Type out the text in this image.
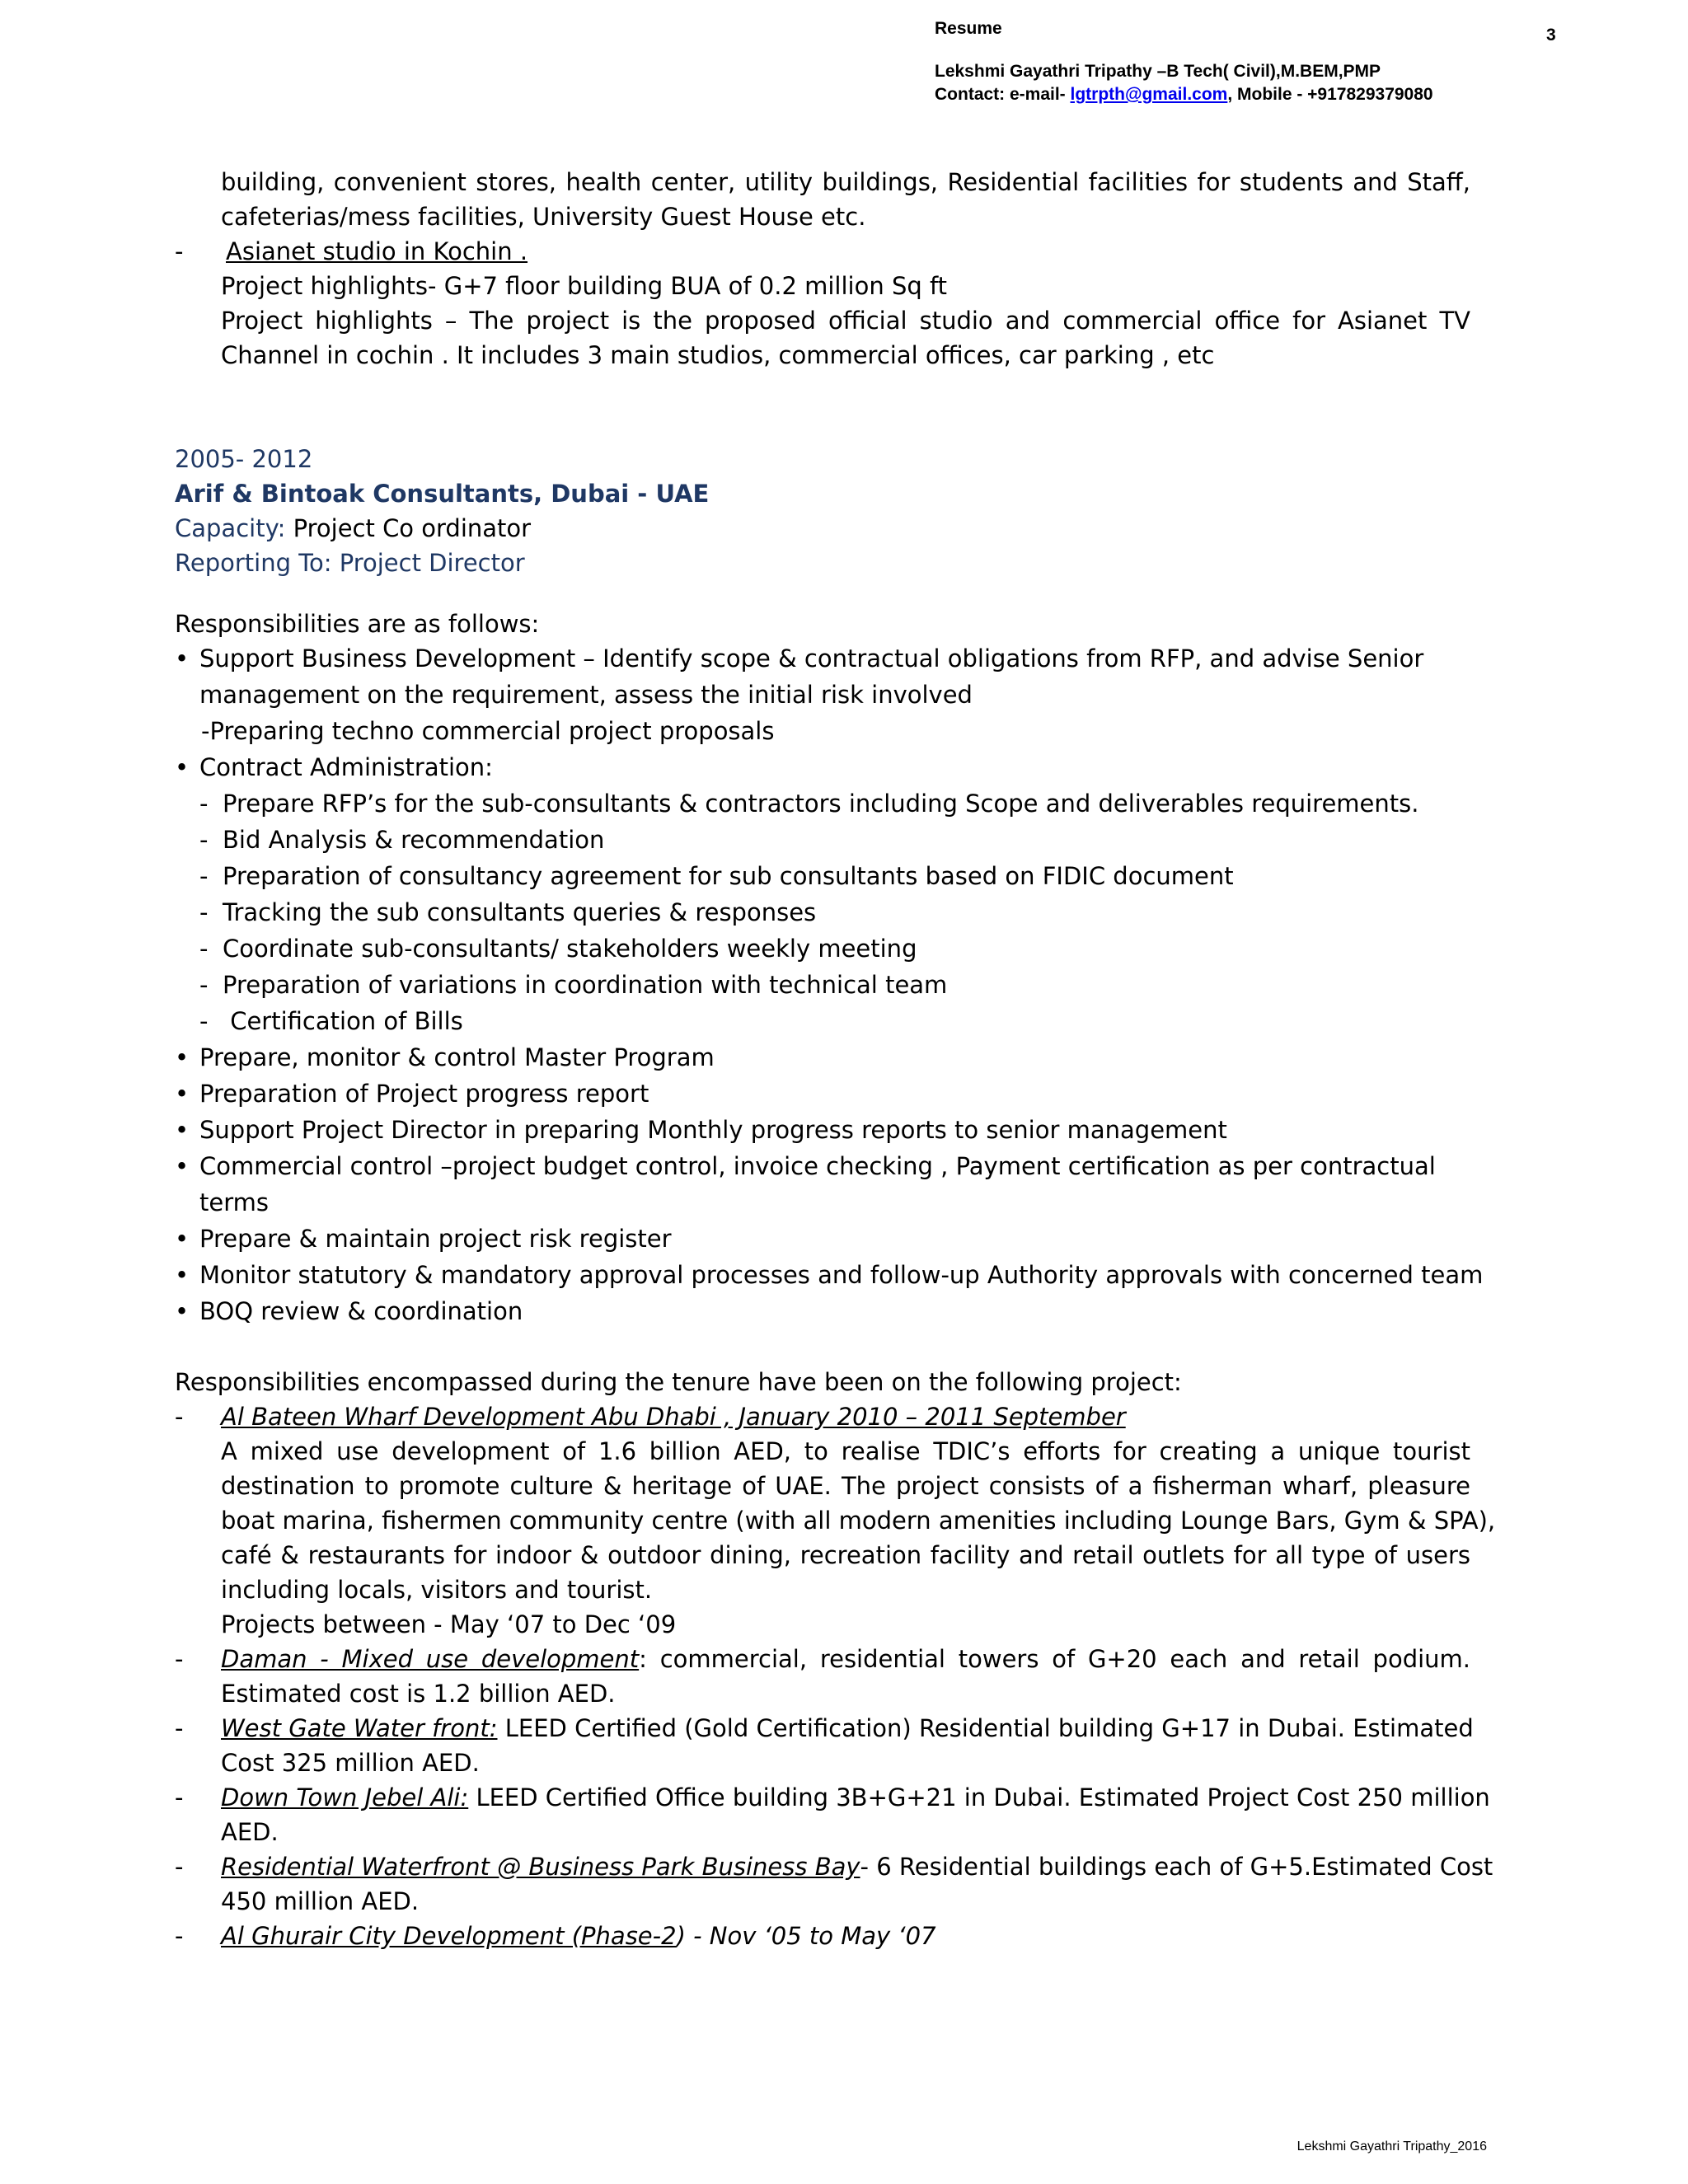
Resume	3
Lekshmi Gayathri Tripathy –B Tech( Civil),M.BEM,PMP
Contact: e-mail- lgtrpth@gmail.com, Mobile - +917829379080
building, convenient stores, health center, utility buildings, Residential facilities for students and Staff,
cafeterias/mess facilities, University Guest House etc.
- Asianet studio in Kochin .
Project highlights- G+7 floor building BUA of 0.2 million Sq ft
Project highlights – The project is the proposed official studio and commercial office for Asianet TV
Channel in cochin . It includes 3 main studios, commercial offices, car parking , etc
2005- 2012
Arif & Bintoak Consultants, Dubai - UAE
Capacity: Project Co ordinator
Reporting To: Project Director
Responsibilities are as follows:
• Support Business Development – Identify scope & contractual obligations from RFP, and advise Senior
management on the requirement, assess the initial risk involved
-Preparing techno commercial project proposals
• Contract Administration:
- Prepare RFP’s for the sub-consultants & contractors including Scope and deliverables requirements.
- Bid Analysis & recommendation
- Preparation of consultancy agreement for sub consultants based on FIDIC document
- Tracking the sub consultants queries & responses
- Coordinate sub-consultants/ stakeholders weekly meeting
- Preparation of variations in coordination with technical team
- Certification of Bills
• Prepare, monitor & control Master Program
• Preparation of Project progress report
• Support Project Director in preparing Monthly progress reports to senior management
• Commercial control –project budget control, invoice checking , Payment certification as per contractual
terms
• Prepare & maintain project risk register
• Monitor statutory & mandatory approval processes and follow-up Authority approvals with concerned team
• BOQ review & coordination
Responsibilities encompassed during the tenure have been on the following project:
- Al Bateen Wharf Development Abu Dhabi , January 2010 – 2011 September
A mixed use development of 1.6 billion AED, to realise TDIC’s efforts for creating a unique tourist
destination to promote culture & heritage of UAE. The project consists of a fisherman wharf, pleasure
boat marina, fishermen community centre (with all modern amenities including Lounge Bars, Gym & SPA),
café & restaurants for indoor & outdoor dining, recreation facility and retail outlets for all type of users
including locals, visitors and tourist.
Projects between - May ‘07 to Dec ‘09
- Daman - Mixed use development: commercial, residential towers of G+20 each and retail podium.
Estimated cost is 1.2 billion AED.
- West Gate Water front: LEED Certified (Gold Certification) Residential building G+17 in Dubai. Estimated
Cost 325 million AED.
- Down Town Jebel Ali: LEED Certified Office building 3B+G+21 in Dubai. Estimated Project Cost 250 million
AED.
- Residential Waterfront @ Business Park Business Bay- 6 Residential buildings each of G+5.Estimated Cost
450 million AED.
- Al Ghurair City Development (Phase-2) - Nov ‘05 to May ‘07
Lekshmi Gayathri Tripathy_2016
